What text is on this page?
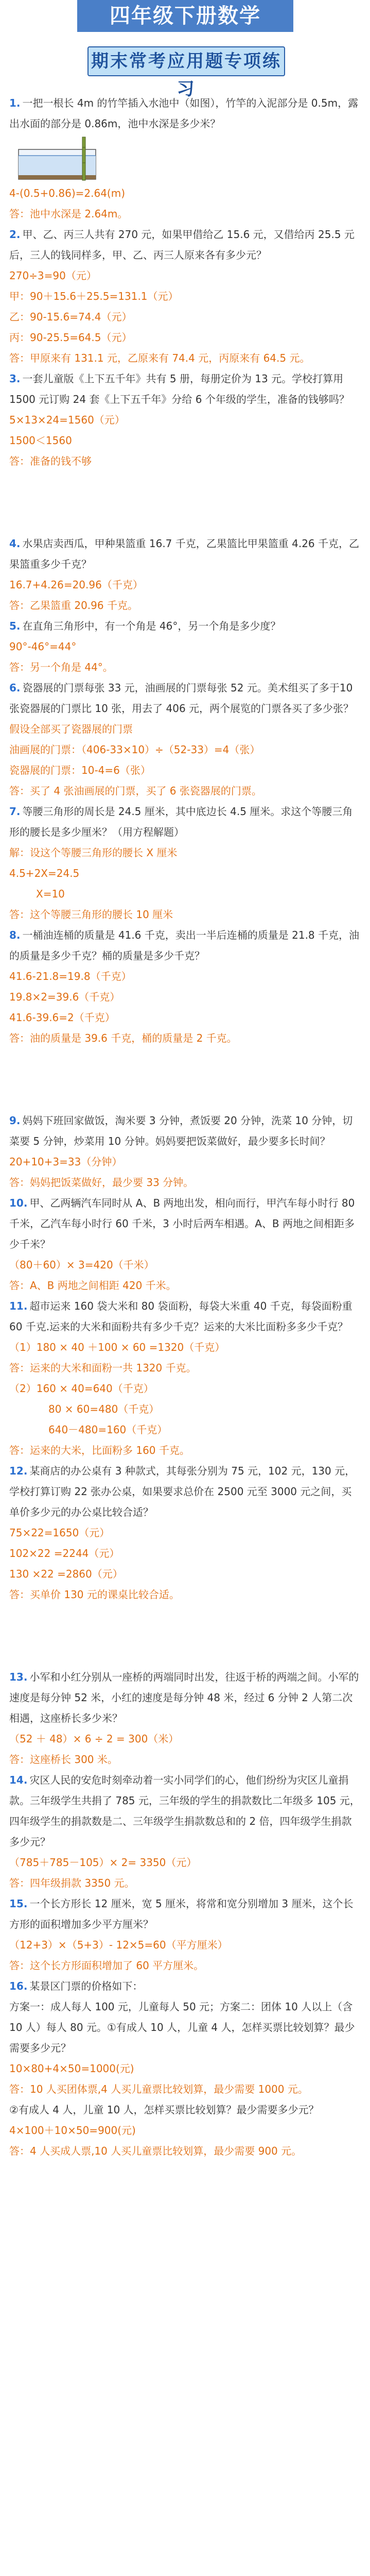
四年级下册数学
期末常考应用题专项练习

1. 一把一根长 4m 的竹竿插入水池中（如图），竹竿的入泥部分是 0.5m，露出水面的部分是 0.86m，池中水深是多少米？

4-(0.5+0.86)=2.64(m)

答：池中水深是 2.64m。

2. 甲、乙、丙三人共有 270 元，如果甲借给乙 15.6 元，又借给丙 25.5 元后，三人的钱同样多，甲、乙、丙三人原来各有多少元？

270÷3=90（元）

甲：90＋15.6＋25.5=131.1（元）

乙：90-15.6=74.4（元）

丙：90-25.5=64.5（元）

答：甲原来有 131.1 元，乙原来有 74.4 元，丙原来有 64.5 元。

3. 一套儿童版《上下五千年》共有 5 册，每册定价为 13 元。学校打算用 1500 元订购 24 套《上下五千年》分给 6 个年级的学生，准备的钱够吗？

5×13×24=1560（元）

1500＜1560

答：准备的钱不够

4. 水果店卖西瓜，甲种果篮重 16.7 千克，乙果篮比甲果篮重 4.26 千克，乙果篮重多少千克？

16.7+4.26=20.96（千克）

答：乙果篮重 20.96 千克。

5. 在直角三角形中，有一个角是 46°，另一个角是多少度？

90°-46°=44°

答：另一个角是 44°。

6. 瓷器展的门票每张 33 元，油画展的门票每张 52 元。美术组买了多于10张瓷器展的门票比 10 张，用去了 406 元，两个展览的门票各买了多少张？

假设全部买了瓷器展的门票

油画展的门票：（406-33×10）÷（52-33）=4（张）

瓷器展的门票：10-4=6（张）

答：买了 4 张油画展的门票，买了 6 张瓷器展的门票。

7. 等腰三角形的周长是 24.5 厘米，其中底边长 4.5 厘米。求这个等腰三角形的腰长是多少厘米？（用方程解题）

解：设这个等腰三角形的腰长 X 厘米

4.5+2X=24.5

X=10

答：这个等腰三角形的腰长 10 厘米

8. 一桶油连桶的质量是 41.6 千克，卖出一半后连桶的质量是 21.8 千克，油的质量是多少千克？桶的质量是多少千克？

41.6-21.8=19.8（千克）

19.8×2=39.6（千克）

41.6-39.6=2（千克）

答：油的质量是 39.6 千克，桶的质量是 2 千克。

9. 妈妈下班回家做饭，淘米要 3 分钟，煮饭要 20 分钟，洗菜 10 分钟，切菜要 5 分钟，炒菜用 10 分钟。妈妈要把饭菜做好，最少要多长时间？

20+10+3=33（分钟）

答：妈妈把饭菜做好，最少要 33 分钟。

10. 甲、乙两辆汽车同时从 A、B 两地出发，相向而行，甲汽车每小时行 80 千米，乙汽车每小时行 60 千米，3 小时后两车相遇。A、B 两地之间相距多少千米？

（80＋60）× 3=420（千米）

答：A、B 两地之间相距 420 千米。

11. 超市运来 160 袋大米和 80 袋面粉，每袋大米重 40 千克，每袋面粉重 60 千克.运来的大米和面粉共有多少千克？运来的大米比面粉多多少千克？

（1）180 × 40 ＋100 × 60 =1320（千克）

答：运来的大米和面粉一共 1320 千克。

（2）160 × 40=640（千克）

80 × 60=480（千克）

640－480=160（千克）

答：运来的大米，比面粉多 160 千克。

12. 某商店的办公桌有 3 种款式，其每张分别为 75 元，102 元，130 元，学校打算订购 22 张办公桌，如果要求总价在 2500 元至 3000 元之间，买单价多少元的办公桌比较合适？

75×22=1650（元）

102×22 =2244（元）

130 ×22 =2860（元）

答：买单价 130 元的课桌比较合适。

13. 小军和小红分别从一座桥的两端同时出发，往返于桥的两端之间。小军的速度是每分钟 52 米，小红的速度是每分钟 48 米，经过 6 分钟 2 人第二次相遇，这座桥长多少米？

（52 ＋ 48）× 6 ÷ 2 = 300（米）

答：这座桥长 300 米。

14. 灾区人民的安危时刻牵动着一实小同学们的心，他们纷纷为灾区儿童捐款。三年级学生共捐了 785 元，三年级的学生的捐款数比二年级多 105 元，四年级学生的捐款数是二、三年级学生捐款数总和的 2 倍，四年级学生捐款多少元？

（785＋785－105）× 2= 3350（元）

答：四年级捐款 3350 元。

15. 一个长方形长 12 厘米，宽 5 厘米，将常和宽分别增加 3 厘米，这个长方形的面积增加多少平方厘米？

（12+3）×（5+3）- 12×5=60（平方厘米）

答：这个长方形面积增加了 60 平方厘米。

16. 某景区门票的价格如下：

方案一：成人每人 100 元，儿童每人 50 元；方案二：团体 10 人以上（含 10 人）每人 80 元。①有成人 10 人，儿童 4 人，怎样买票比较划算？最少需要多少元？

10×80+4×50=1000(元)

答：10 人买团体票,4 人买儿童票比较划算，最少需要 1000 元。

②有成人 4 人，儿童 10 人，怎样买票比较划算？最少需要多少元？

4×100＋10×50=900(元)

答：4 人买成人票,10 人买儿童票比较划算，最少需要 900 元。
